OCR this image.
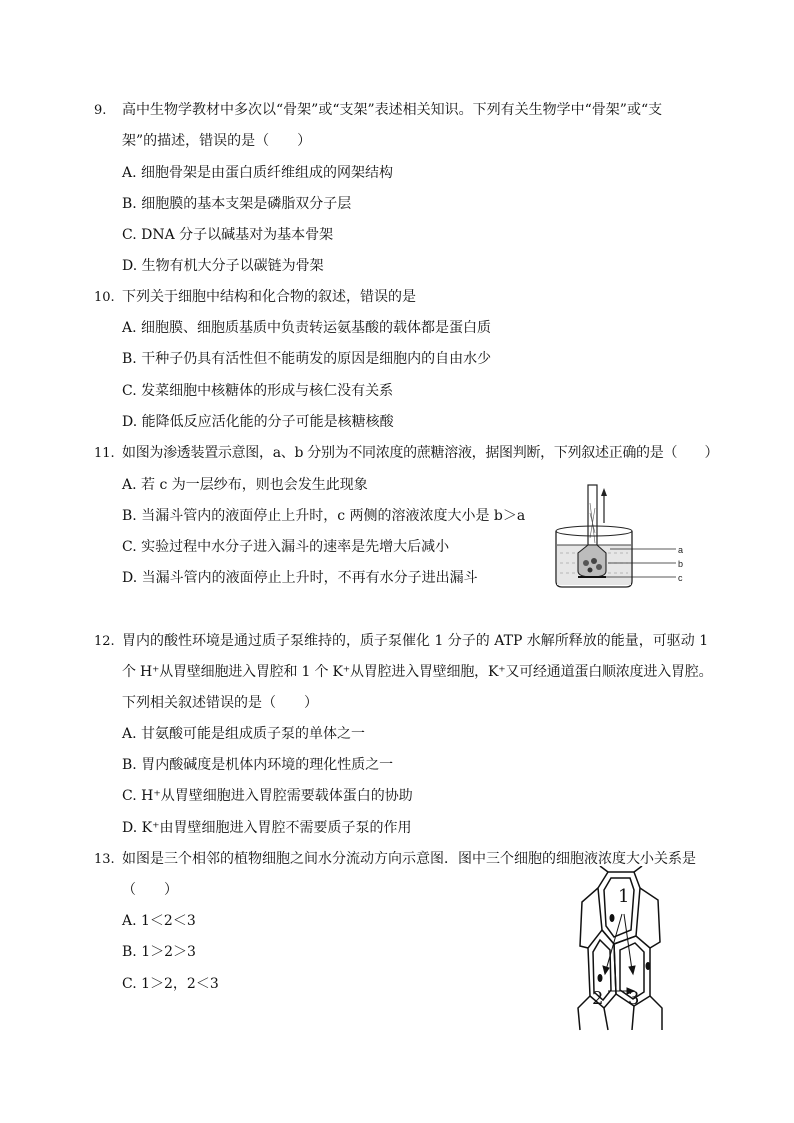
9. 高中生物学教材中多次以“骨架”或“支架”表述相关知识。下列有关生物学中“骨架”或“支
架”的描述，错误的是（　　）
A. 细胞骨架是由蛋白质纤维组成的网架结构
B. 细胞膜的基本支架是磷脂双分子层
C. DNA 分子以碱基对为基本骨架
D. 生物有机大分子以碳链为骨架
10. 下列关于细胞中结构和化合物的叙述，错误的是
A. 细胞膜、细胞质基质中负责转运氨基酸的载体都是蛋白质
B. 干种子仍具有活性但不能萌发的原因是细胞内的自由水少
C. 发菜细胞中核糖体的形成与核仁没有关系
D. 能降低反应活化能的分子可能是核糖核酸
11. 如图为渗透装置示意图，a、b 分别为不同浓度的蔗糖溶液，据图判断，下列叙述正确的是（　　）
A. 若 c 为一层纱布，则也会发生此现象
B. 当漏斗管内的液面停止上升时，c 两侧的溶液浓度大小是 b＞a
C. 实验过程中水分子进入漏斗的速率是先增大后减小
D. 当漏斗管内的液面停止上升时，不再有水分子进出漏斗
a
b
c
12. 胃内的酸性环境是通过质子泵维持的，质子泵催化 1 分子的 ATP 水解所释放的能量，可驱动 1
个 H⁺从胃壁细胞进入胃腔和 1 个 K⁺从胃腔进入胃壁细胞，K⁺又可经通道蛋白顺浓度进入胃腔。
下列相关叙述错误的是（　　）
A. 甘氨酸可能是组成质子泵的单体之一
B. 胃内酸碱度是机体内环境的理化性质之一
C. H⁺从胃壁细胞进入胃腔需要载体蛋白的协助
D. K⁺由胃壁细胞进入胃腔不需要质子泵的作用
13. 如图是三个相邻的植物细胞之间水分流动方向示意图．图中三个细胞的细胞液浓度大小关系是
（　　）
A. 1＜2＜3
B. 1＞2＞3
C. 1＞2，2＜3
1
2 3
